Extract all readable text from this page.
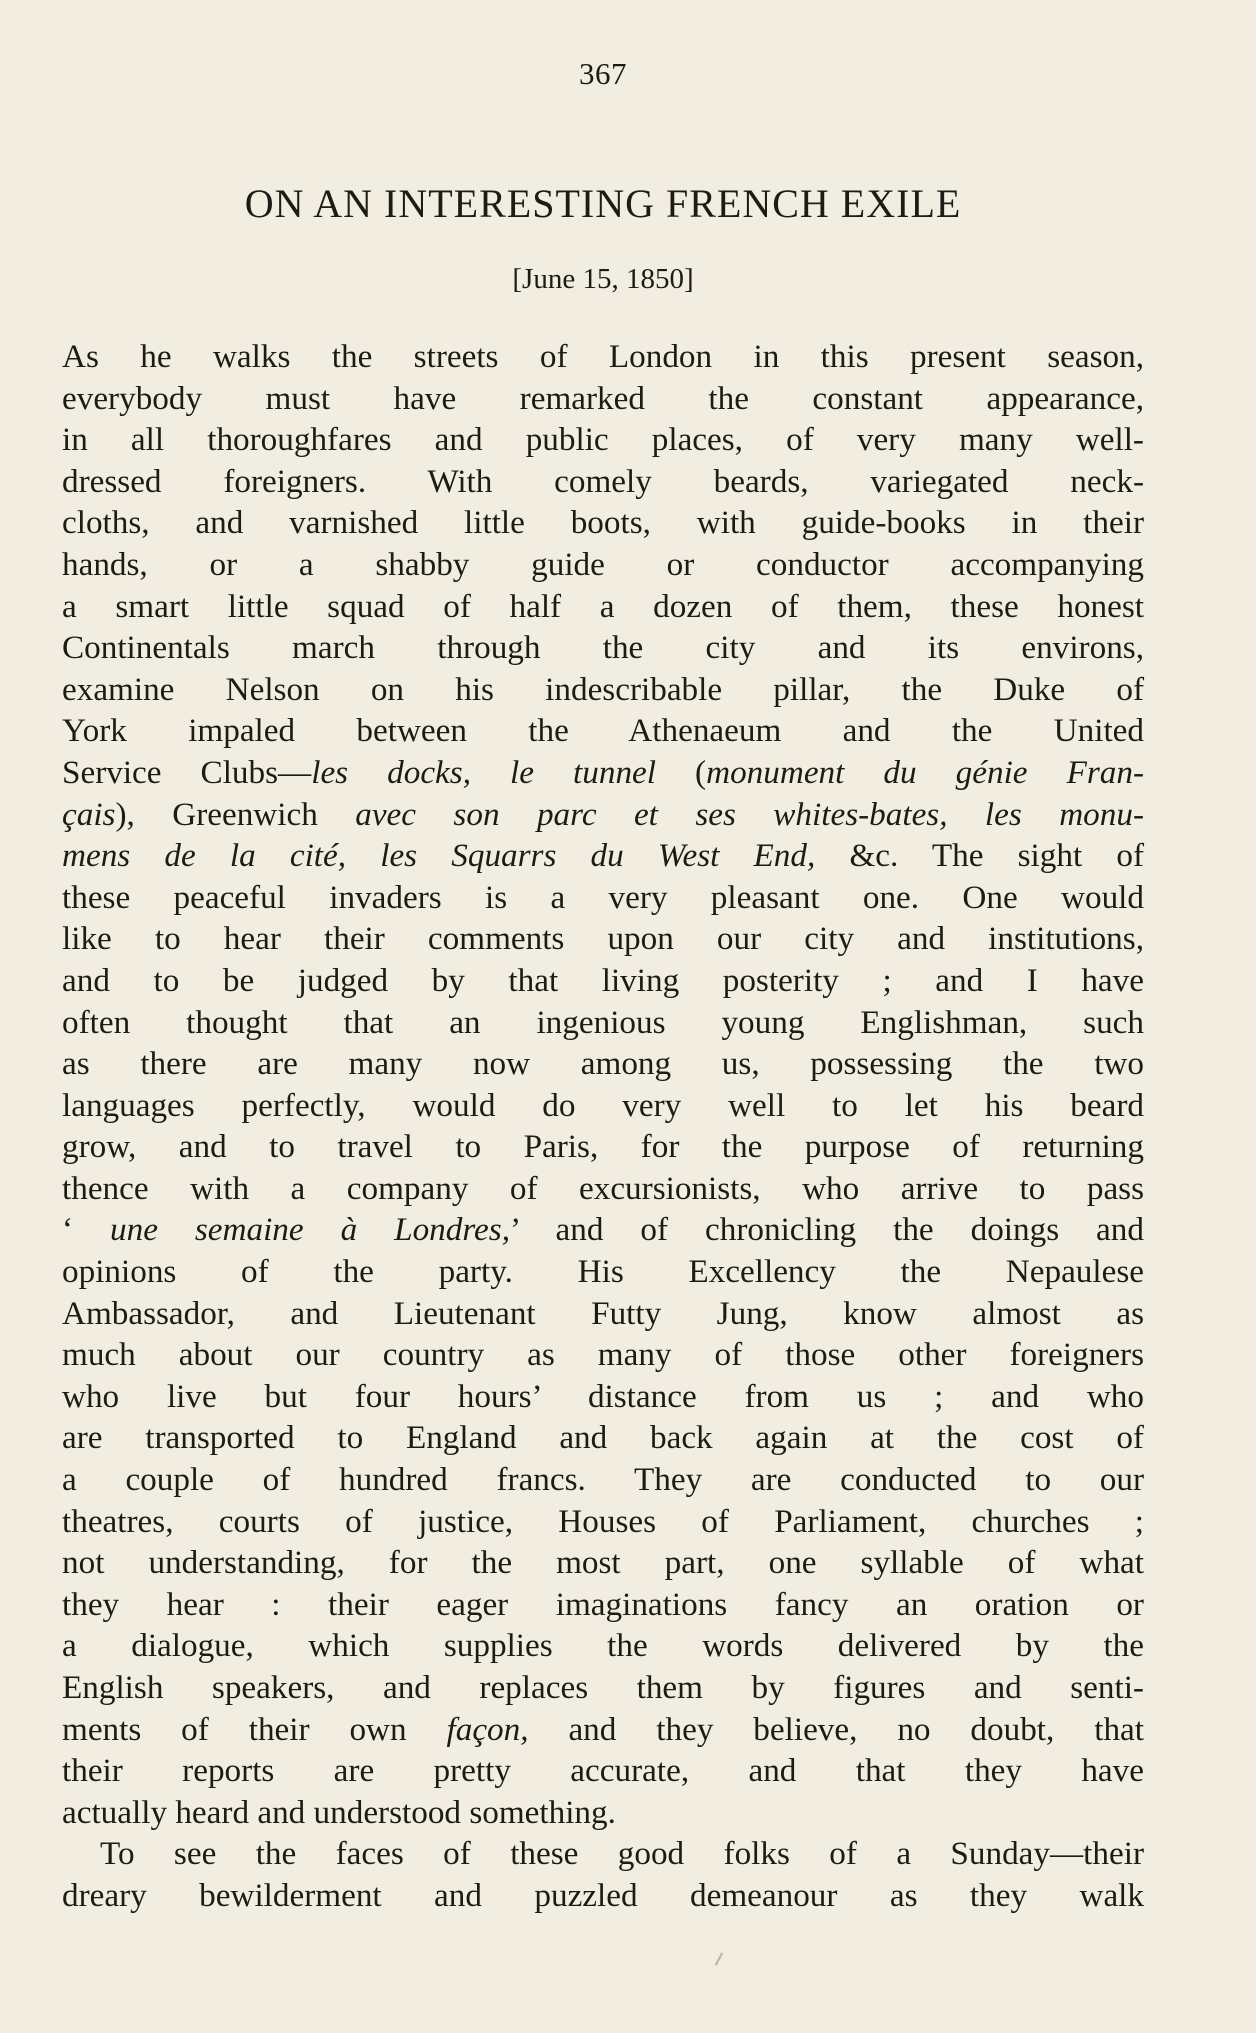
367
ON AN INTERESTING FRENCH EXILE
[June 15, 1850]
As he walks the streets of London in this present season,
everybody must have remarked the constant appearance,
in all thoroughfares and public places, of very many well-
dressed foreigners. With comely beards, variegated neck-
cloths, and varnished little boots, with guide-books in their
hands, or a shabby guide or conductor accompanying
a smart little squad of half a dozen of them, these honest
Continentals march through the city and its environs,
examine Nelson on his indescribable pillar, the Duke of
York impaled between the Athenaeum and the United
Service Clubs—les docks, le tunnel (monument du génie Fran-
çais), Greenwich avec son parc et ses whites-bates, les monu-
mens de la cité, les Squarrs du West End, &c. The sight of
these peaceful invaders is a very pleasant one. One would
like to hear their comments upon our city and institutions,
and to be judged by that living posterity ; and I have
often thought that an ingenious young Englishman, such
as there are many now among us, possessing the two
languages perfectly, would do very well to let his beard
grow, and to travel to Paris, for the purpose of returning
thence with a company of excursionists, who arrive to pass
‘ une semaine à Londres,’ and of chronicling the doings and
opinions of the party. His Excellency the Nepaulese
Ambassador, and Lieutenant Futty Jung, know almost as
much about our country as many of those other foreigners
who live but four hours’ distance from us ; and who
are transported to England and back again at the cost of
a couple of hundred francs. They are conducted to our
theatres, courts of justice, Houses of Parliament, churches ;
not understanding, for the most part, one syllable of what
they hear : their eager imaginations fancy an oration or
a dialogue, which supplies the words delivered by the
English speakers, and replaces them by figures and senti-
ments of their own façon, and they believe, no doubt, that
their reports are pretty accurate, and that they have
actually heard and understood something.
To see the faces of these good folks of a Sunday—their
dreary bewilderment and puzzled demeanour as they walk
